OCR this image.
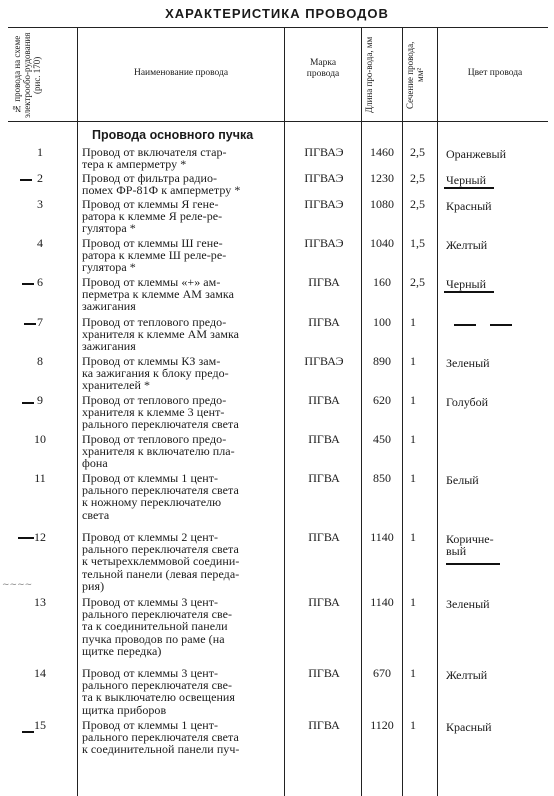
ХАРАКТЕРИСТИКА ПРОВОДОВ
№ провода на схеме электрообо-рудования (рис. 170)	Наименование провода
Марка провода	Длина про-вода, мм	Сечение провода, мм²	Цвет провода
Провода основного пучка
1	Провод от включателя стар-
тера к амперметру *
ПГВАЭ	1460	2,5	Оранжевый
2	Провод от фильтра радио-
помех ФР-81Ф к амперметру *
ПГВАЭ	1230	2,5	Черный
3	Провод от клеммы Я гене-
ратора к клемме Я реле-ре-
гулятора *
ПГВАЭ	1080	2,5	Красный
4	Провод от клеммы Ш гене-
ратора к клемме Ш реле-ре-
гулятора *
ПГВАЭ	1040	1,5	Желтый
6	Провод от клеммы «+» ам-
перметра к клемме АМ замка
зажигания
ПГВА	160	2,5	Черный
7	Провод от теплового предо-
хранителя к клемме АМ замка
зажигания
ПГВА	100	1
8	Провод от клеммы КЗ зам-
ка зажигания к блоку предо-
хранителей *
ПГВАЭ	890	1	Зеленый
9	Провод от теплового предо-
хранителя к клемме 3 цент-
рального переключателя света
ПГВА	620	1	Голубой
10	Провод от теплового предо-
хранителя к включателю пла-
фона
ПГВА	450	1
11	Провод от клеммы 1 цент-
рального переключателя света
к ножному переключателю
света
ПГВА	850	1	Белый
12	Провод от клеммы 2 цент-
рального переключателя света
к четырехклеммовой соедини-
тельной панели (левая переда-
рия)
ПГВА	1140	1	Коричне-вый
13	Провод от клеммы 3 цент-
рального переключателя све-
та к соединительной панели
пучка проводов по раме (на
щитке передка)
ПГВА	1140	1	Зеленый
14	Провод от клеммы 3 цент-
рального переключателя све-
та к выключателю освещения
щитка приборов
ПГВА	670	1	Желтый
15	Провод от клеммы 1 цент-
рального переключателя света
к соединительной панели пуч-
ПГВА	1120	1	Красный
~~~~
